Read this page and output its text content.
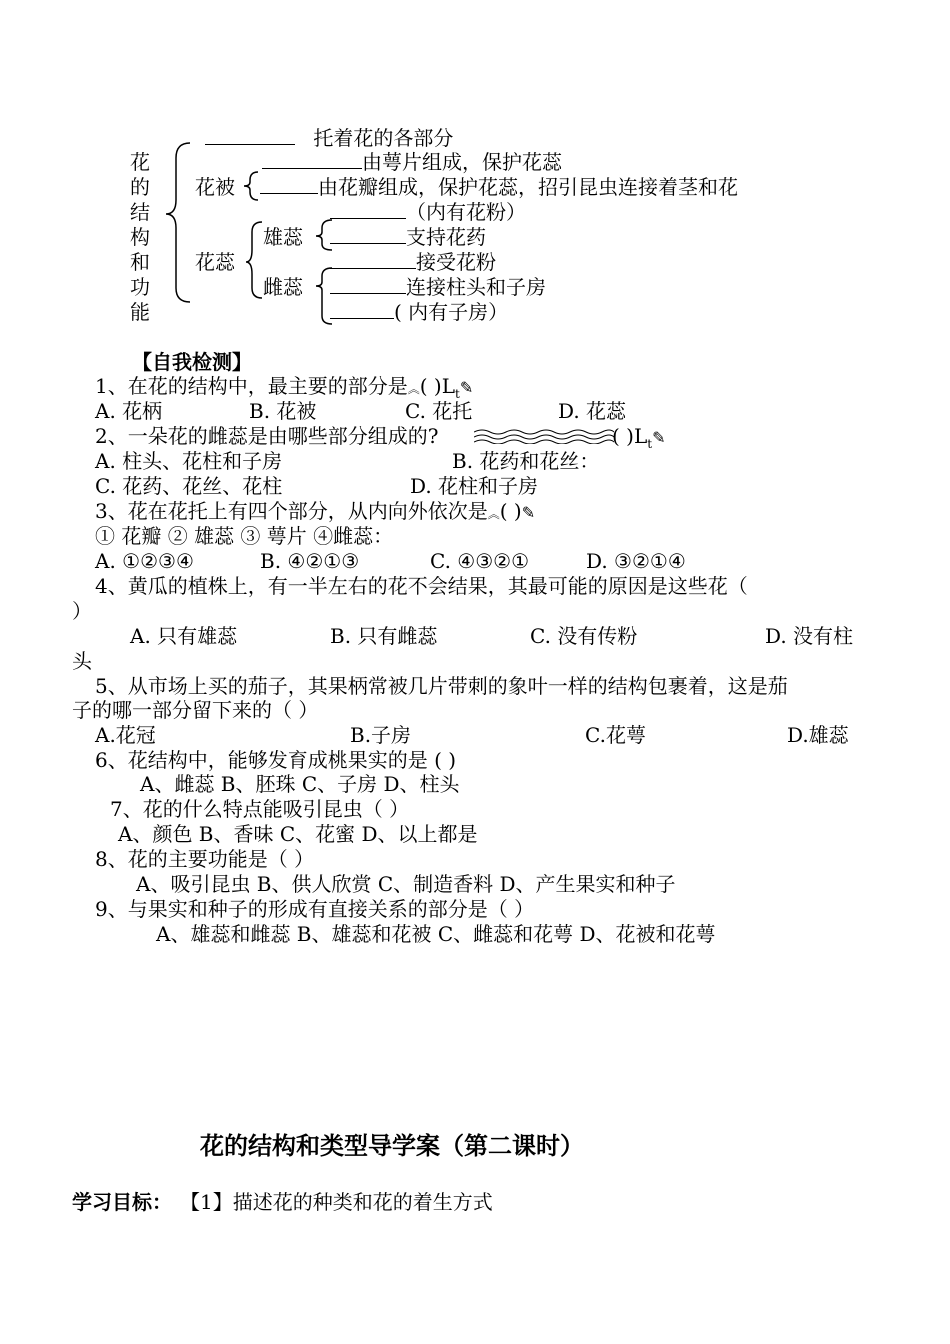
花
的
结
构
和
功
能
托着花的各部分
由萼片组成，保护花蕊
花被	由花瓣组成，保护花蕊，招引昆虫连接着茎和花
（内有花粉）
雄蕊	支持花药
花蕊	接受花粉
雌蕊	连接柱头和子房
( 内有子房）
【自我检测】
1、在花的结构中，最主要的部分是︽( )$L_t✎$
A. 花柄	B. 花被	C. 花托	D. 花蕊
2、一朵花的雌蕊是由哪些部分组成的?	( )$L_t✎$
A. 柱头、花柱和子房	B. 花药和花丝：
C. 花药、花丝、花柱	D. 花柱和子房
3、花在花托上有四个部分，从内向外依次是︽( )✎
① 花瓣 ② 雄蕊 ③ 萼片 ④雌蕊：
A. ①②③④	B. ④②①③	C. ④③②①	D. ③②①④
4、黄瓜的植株上，有一半左右的花不会结果，其最可能的原因是这些花（
）
A. 只有雄蕊	B. 只有雌蕊	C. 没有传粉	D. 没有柱
头
5、从市场上买的茄子，其果柄常被几片带刺的象叶一样的结构包裹着，这是茄
子的哪一部分留下来的（ ）
A.花冠	B.子房	C.花萼	D.雄蕊
6、花结构中，能够发育成桃果实的是 ( )
A、雌蕊 B、胚珠 C、子房 D、柱头
7、花的什么特点能吸引昆虫（ ）
A、颜色 B、香味 C、花蜜 D、以上都是
8、花的主要功能是（ ）
A、吸引昆虫 B、供人欣赏 C、制造香料 D、产生果实和种子
9、与果实和种子的形成有直接关系的部分是（ ）
A、雄蕊和雌蕊 B、雄蕊和花被 C、雌蕊和花萼 D、花被和花萼
花的结构和类型导学案（第二课时）
学习目标： 【1】描述花的种类和花的着生方式
